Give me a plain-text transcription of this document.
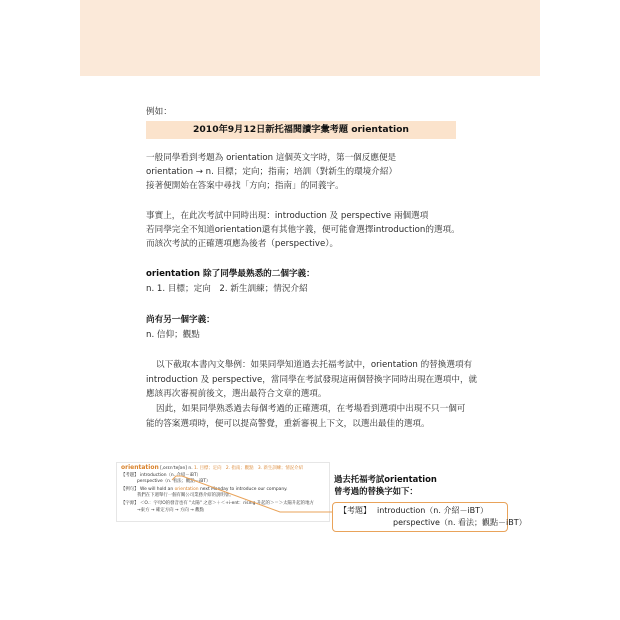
例如：
2010年9月12日新托福閱讀字彙考題 orientation
一般同學看到考題為 orientation 這個英文字時，第一個反應便是
orientation → n. 目標；定向；指南；培訓（對新生的環境介紹）
接著便開始在答案中尋找「方向；指南」的同義字。
事實上，在此次考試中同時出現：introduction 及 perspective 兩個選項
若同學完全不知道orientation還有其他字義，便可能會選擇introduction的選項。
而該次考試的正確選項應為後者（perspective）。
orientation 除了同學最熟悉的二個字義：
n. 1. 目標；定向　2. 新生訓練；情況介紹
尚有另一個字義：
n. 信仰；觀點
以下截取本書內文舉例：如果同學知道過去托福考試中，orientation 的替換選項有
introduction 及 perspective，當同學在考試發現這兩個替換字同時出現在選項中，就
應該再次審視前後文，選出最符合文章的選項。
因此，如果同學熟悉過去每個考過的正確選項，在考場看到選項中出現不只一個可
能的答案選項時，便可以提高警覺，重新審視上下文，以選出最佳的選項。
orientation [ˌorɛnˈteʃən] n. 1. 目標；定向　2. 指南；觀點　3. 新生訓練；情況介紹
【考題】 introduction（n. 介紹－iBT）
perspective（n. 看法；觀點－iBT）
【例句】 We will hold an orientation next Monday to introduce our company.
我們在下週舉行一個有關公司業務介紹的說明會。
【字源】 ＜O.：字母O的發音也有 "太陽" 之意＞＋＜+i-ent：rising 升起的＞＝＞太陽升起的地方
→東方 → 確定方向 → 方向 → 觀點
過去托福考試orientation
曾考過的替換字如下：
【考題】 introduction（n. 介紹－iBT）
perspective（n. 看法；觀點－iBT）
